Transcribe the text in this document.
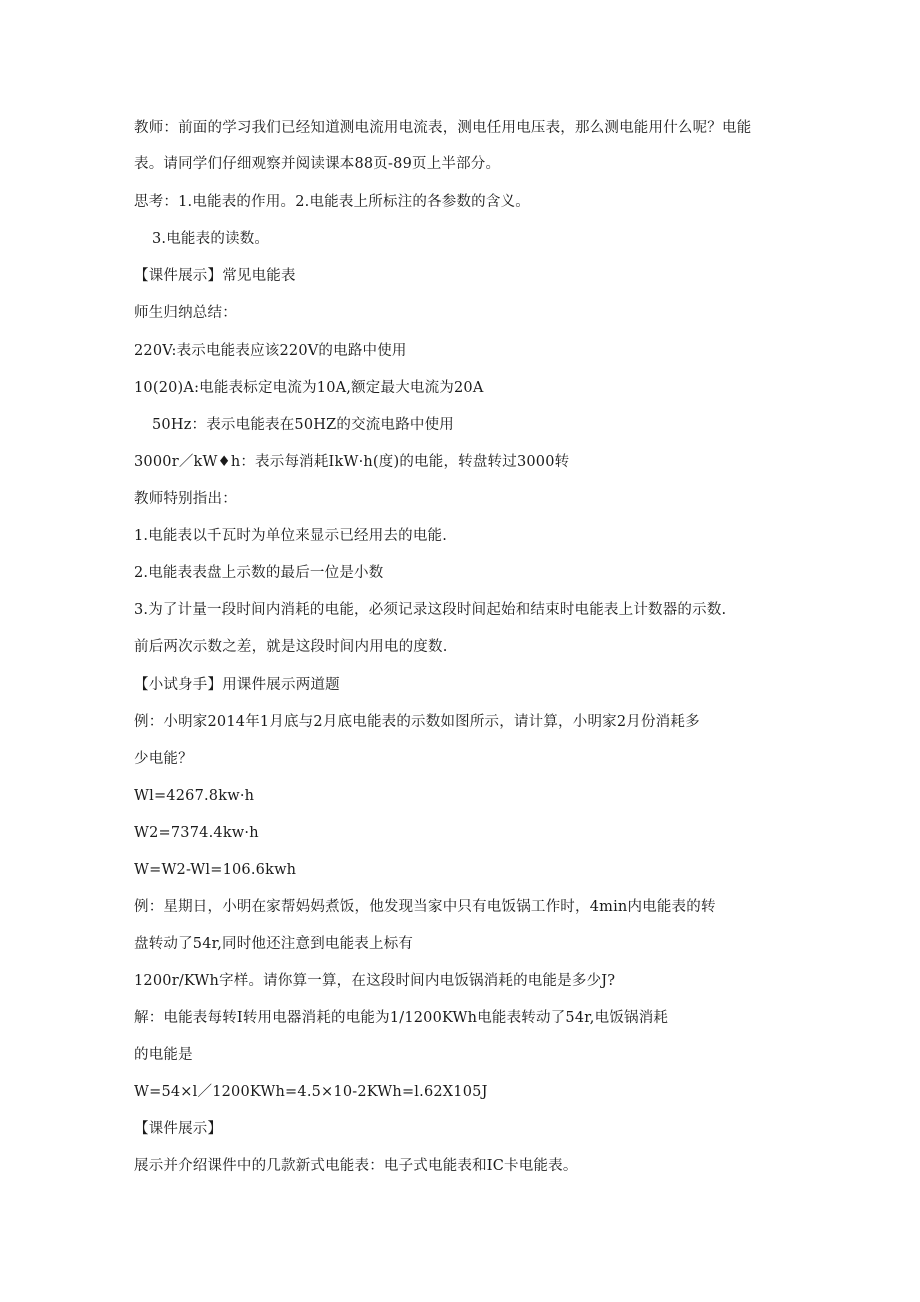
教师：前面的学习我们已经知道测电流用电流表，测电任用电压表，那么测电能用什么呢？电能
表。请同学们仔细观察并阅读课本88页-89页上半部分。
思考：1.电能表的作用。2.电能表上所标注的各参数的含义。
3.电能表的读数。
【课件展示】常见电能表
师生归纳总结：
220V:表示电能表应该220V的电路中使用
10(20)A:电能表标定电流为10A,额定最大电流为20A
50Hz：表示电能表在50HZ的交流电路中使用
3000r／kW♦h：表示每消耗IkW·h(度)的电能，转盘转过3000转
教师特别指出：
1.电能表以千瓦时为单位来显示已经用去的电能.
2.电能表表盘上示数的最后一位是小数
3.为了计量一段时间内消耗的电能，必须记录这段时间起始和结束时电能表上计数器的示数.
前后两次示数之差，就是这段时间内用电的度数.
【小试身手】用课件展示两道题
例：小明家2014年1月底与2月底电能表的示数如图所示，请计算，小明家2月份消耗多
少电能？
Wl=4267.8kw·h
W2=7374.4kw·h
W=W2-Wl=106.6kwh
例：星期日，小明在家帮妈妈煮饭，他发现当家中只有电饭锅工作时，4min内电能表的转
盘转动了54r,同时他还注意到电能表上标有
1200r/KWh字样。请你算一算，在这段时间内电饭锅消耗的电能是多少J?
解：电能表每转I转用电器消耗的电能为1/1200KWh电能表转动了54r,电饭锅消耗
的电能是
W=54×l／1200KWh=4.5×10-2KWh=l.62X105J
【课件展示】
展示并介绍课件中的几款新式电能表：电子式电能表和IC卡电能表。
